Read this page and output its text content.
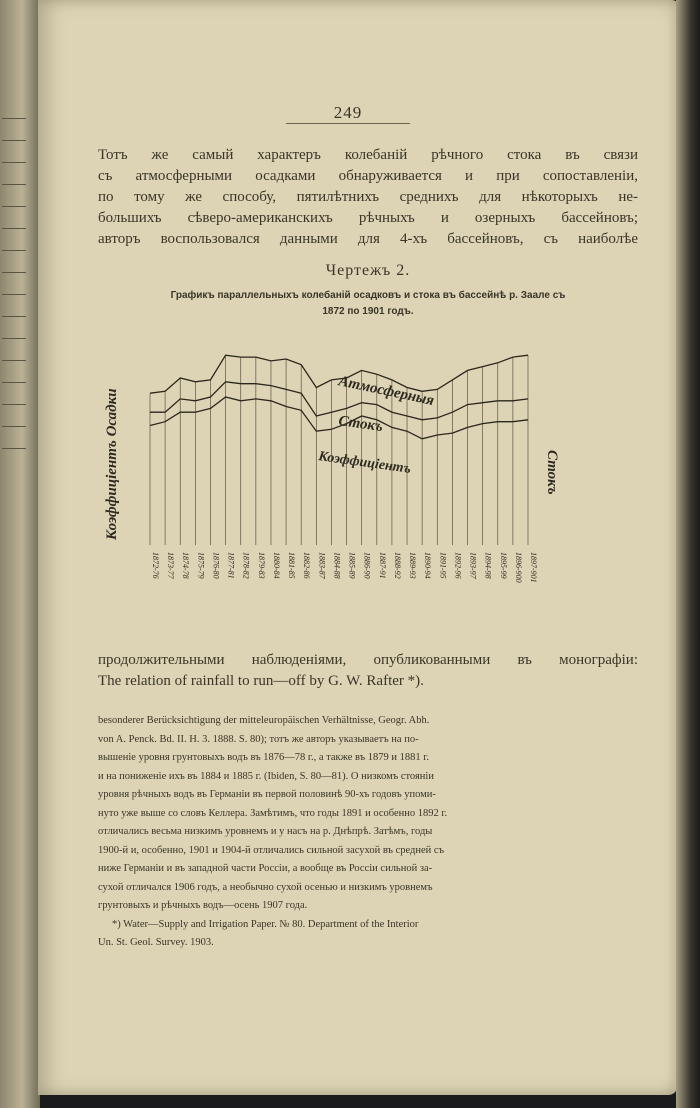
249
Тотъ же самый характеръ колебаній рѣчного стока въ связи
съ атмосферными осадками обнаруживается и при сопоставленіи,
по тому же способу, пятилѣтнихъ среднихъ для нѣкоторыхъ не-
большихъ сѣверо-американскихъ рѣчныхъ и озерныхъ бассейновъ;
авторъ воспользовался данными для 4-хъ бассейновъ, съ наиболѣе
Чертежъ 2.
Графикъ параллельныхъ колебаній осадковъ и стока въ бассейнѣ р. Заале съ
1872 по 1901 годъ.
Коэффиціентъ Осадки	Стокъ
1872-76 1873-77 1874-78 1875-79 1876-80 1877-81 1878-82 1879-83 1880-84 1881-85 1882-86 1883-87 1884-88 1885-89 1886-90 1887-91 1888-92 1889-93 1890-94 1891-95 1892-96 1893-97 1894-98 1895-99 1896-900 1897-901
Атмосферныя
Стокъ
Коэффиціентъ
продолжительными наблюденіями, опубликованными въ монографіи:
The relation of rainfall to run—off by G. W. Rafter *).
besonderer Berücksichtigung der mitteleuropäischen Verhältnisse, Geogr. Abh.
von A. Penck. Bd. II. H. 3. 1888. S. 80); тотъ же авторъ указываетъ на по-
вышеніе уровня грунтовыхъ водъ въ 1876—78 г., а также въ 1879 и 1881 г.
и на пониженіе ихъ въ 1884 и 1885 г. (Ibiden, S. 80—81). О низкомъ стояніи
уровня рѣчныхъ водъ въ Германіи въ первой половинѣ 90-хъ годовъ упоми-
нуто уже выше со словъ Келлера. Замѣтимъ, что годы 1891 и особенно 1892 г.
отличались весьма низкимъ уровнемъ и у насъ на р. Днѣпрѣ. Затѣмъ, годы
1900-й и, особенно, 1901 и 1904-й отличались сильной засухой въ средней съ
ниже Германіи и въ западной части Россіи, а вообще въ Россіи сильной за-
сухой отличался 1906 годъ, а необычно сухой осенью и низкимъ уровнемъ
грунтовыхъ и рѣчныхъ водъ—осень 1907 года.
*) Water—Supply and Irrigation Paper. № 80. Department of the Interior
Un. St. Geol. Survey. 1903.
